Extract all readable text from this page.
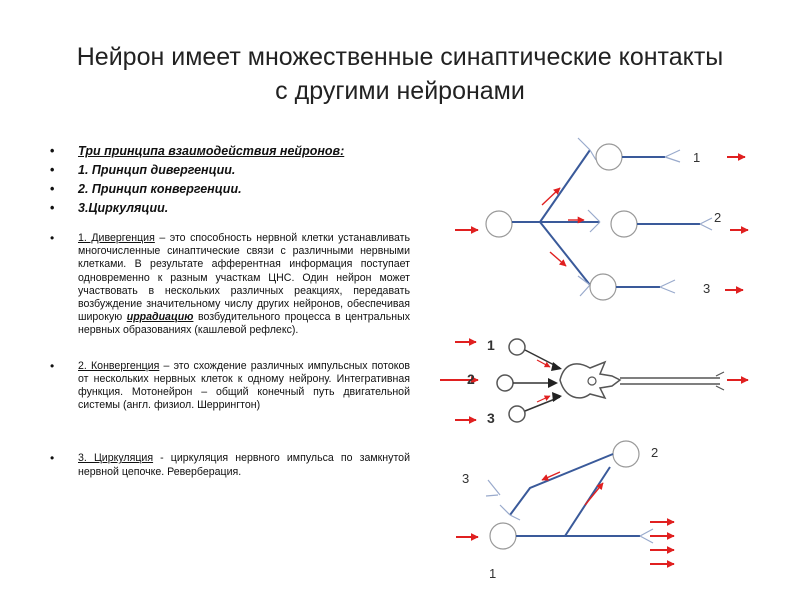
Нейрон имеет множественные синаптические контакты
с другими нейронами
• Три принципа взаимодействия нейронов:
• 1. Принцип дивергенции.
• 2. Принцип конвергенции.
• 3.Циркуляции.
• 1. Дивергенция – это способность нервной клетки устанавливать многочисленные синаптические связи с различными нервными клетками. В результате афферентная информация поступает одновременно к разным участкам ЦНС. Один нейрон может участвовать в нескольких различных реакциях, передавать возбуждение значительному числу других нейронов, обеспечивая широкую иррадиацию возбудительного процесса в центральных нервных образованиях (кашлевой рефлекс).
• 2. Конвергенция – это схождение различных импульсных потоков от нескольких нервных клеток к одному нейрону. Интегративная функция. Мотонейрон – общий конечный путь двигательной системы (англ. физиол. Шеррингтон)
• 3. Циркуляция - циркуляция нервного импульса по замкнутой нервной цепочке. Реверберация.
1
2
3
1
2
3
2
3
1
